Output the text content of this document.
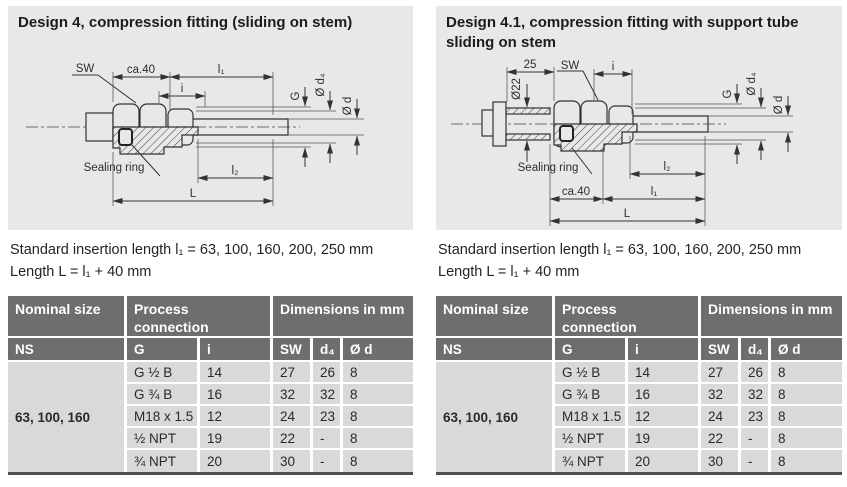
Design 4, compression fitting (sliding on stem)
SW	ca.40	l₁
i
G Ø d₄
Ø d
Sealing ring	l₂
L
Standard insertion length l₁ = 63, 100, 160, 200, 250 mm
Length L = l₁ + 40 mm
Nominal size	Process connection		Dimensions in mm		
NS	G	i	SW	d₄	Ø d
63, 100, 160	G ½ B	14	27	26	8
	G ¾ B	16	32	32	8
	M18 x 1.5	12	24	23	8
	½ NPT	19	22	-	8
	¾ NPT	20	30	-	8
Design 4.1, compression fitting with support tube sliding on stem
25
Ø22
SW	i
G Ø d₄
Ø d
Sealing ring	l₂
ca.40	l₁
L
Standard insertion length l₁ = 63, 100, 160, 200, 250 mm
Length L = l₁ + 40 mm
Nominal size	Process connection		Dimensions in mm		
NS	G	i	SW	d₄	Ø d
63, 100, 160	G ½ B	14	27	26	8
	G ¾ B	16	32	32	8
	M18 x 1.5	12	24	23	8
	½ NPT	19	22	-	8
	¾ NPT	20	30	-	8
